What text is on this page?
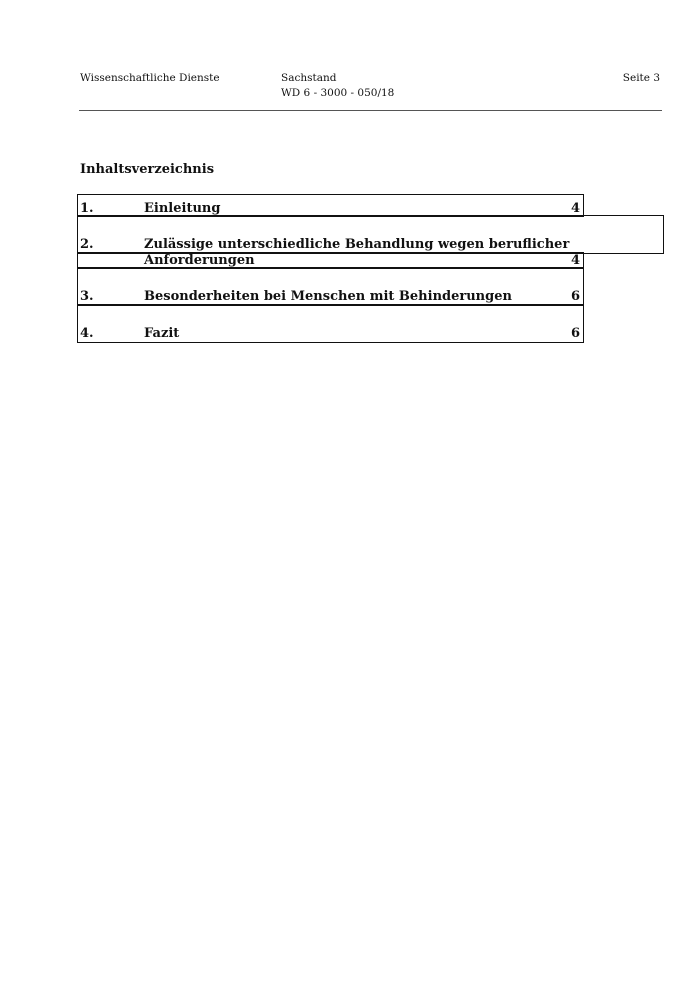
Wissenschaftliche Dienste	Sachstand
WD 6 - 3000 - 050/18
Seite 3
Inhaltsverzeichnis
1.	Einleitung	4
2.	Zulässige unterschiedliche Behandlung wegen beruflicher
Anforderungen	4
3.	Besonderheiten bei Menschen mit Behinderungen	6
4.	Fazit	6
